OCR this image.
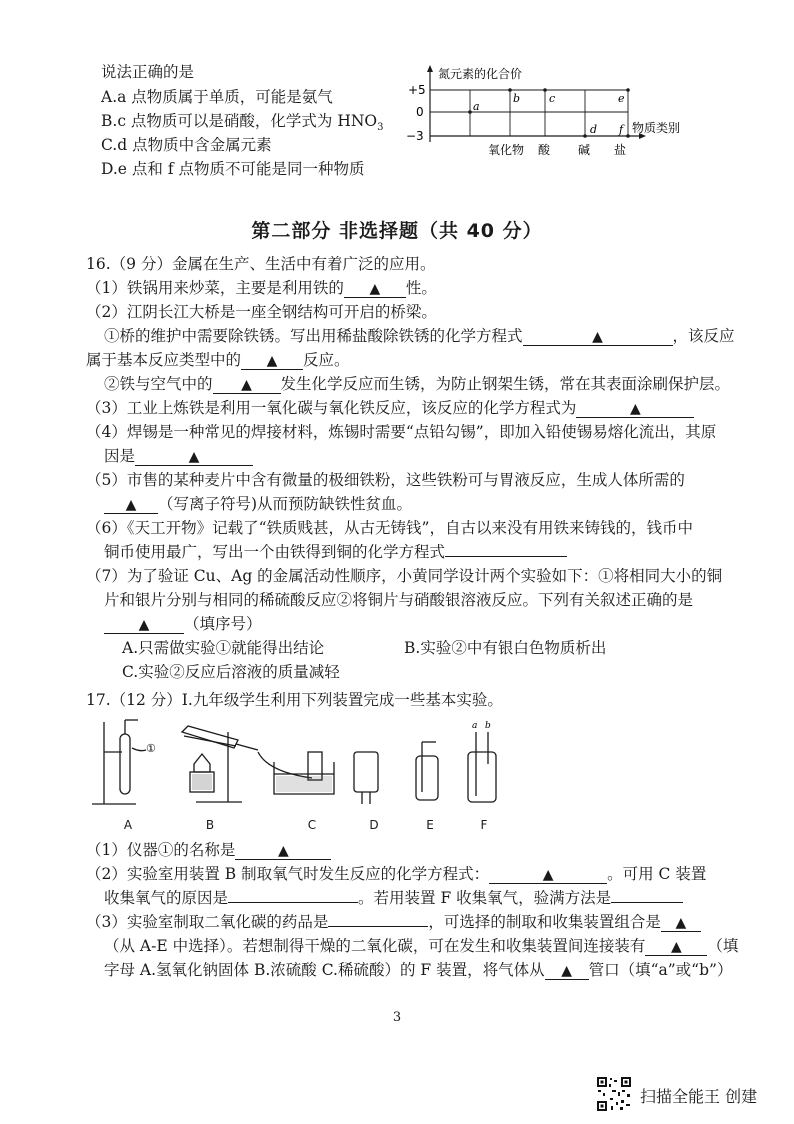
说法正确的是
A.a 点物质属于单质，可能是氨气
B.c 点物质可以是硝酸，化学式为 $HNO_3$
C.d 点物质中含金属元素
D.e 点和 f 点物质不可能是同一种物质
氮元素的化合价
+5
0
−3
物质类别
氧化物 酸 碱 盐
a
b	c
d
e
f
第二部分 非选择题（共 40 分）
16.（9 分）金属在生产、生活中有着广泛的应用。
（1）铁锅用来炒菜，主要是利用铁的 ▲ 性。
（2）江阴长江大桥是一座全钢结构可开启的桥梁。
①桥的维护中需要除铁锈。写出用稀盐酸除铁锈的化学方程式	▲	，该反应
属于基本反应类型中的 ▲ 反应。
②铁与空气中的 ▲ 发生化学反应而生锈，为防止钢架生锈，常在其表面涂刷保护层。
（3）工业上炼铁是利用一氧化碳与氧化铁反应，该反应的化学方程式为	▲
（4）焊锡是一种常见的焊接材料，炼锡时需要“点铅勾锡”，即加入铅使锡易熔化流出，其原
因是	▲
（5）市售的某种麦片中含有微量的极细铁粉，这些铁粉可与胃液反应，生成人体所需的
▲ （写离子符号)从而预防缺铁性贫血。
（6）《天工开物》记载了“铁质贱甚，从古无铸钱”，自古以来没有用铁来铸钱的，钱币中
铜币使用最广，写出一个由铁得到铜的化学方程式
（7）为了验证 Cu、Ag 的金属活动性顺序，小黄同学设计两个实验如下：①将相同大小的铜
片和银片分别与相同的稀硫酸反应②将铜片与硝酸银溶液反应。下列有关叙述正确的是
▲ （填序号）
A.只需做实验①就能得出结论	B.实验②中有银白色物质析出
C.实验②反应后溶液的质量减轻
17.（12 分）Ⅰ.九年级学生利用下列装置完成一些基本实验。
①
a b
A	B	C	D	E	F
（1）仪器①的名称是	▲
（2）实验室用装置 B 制取氧气时发生反应的化学方程式：	▲	。可用 C 装置
收集氧气的原因是	。若用装置 F 收集氧气，验满方法是
（3）实验室制取二氧化碳的药品是	，可选择的制取和收集装置组合是 ▲
（从 A-E 中选择）。若想制得干燥的二氧化碳，可在发生和收集装置间连接装有 ▲ （填
字母 A.氢氧化钠固体 B.浓硫酸 C.稀硫酸）的 F 装置，将气体从 ▲ 管口（填“a”或“b”）
3
扫描全能王 创建
